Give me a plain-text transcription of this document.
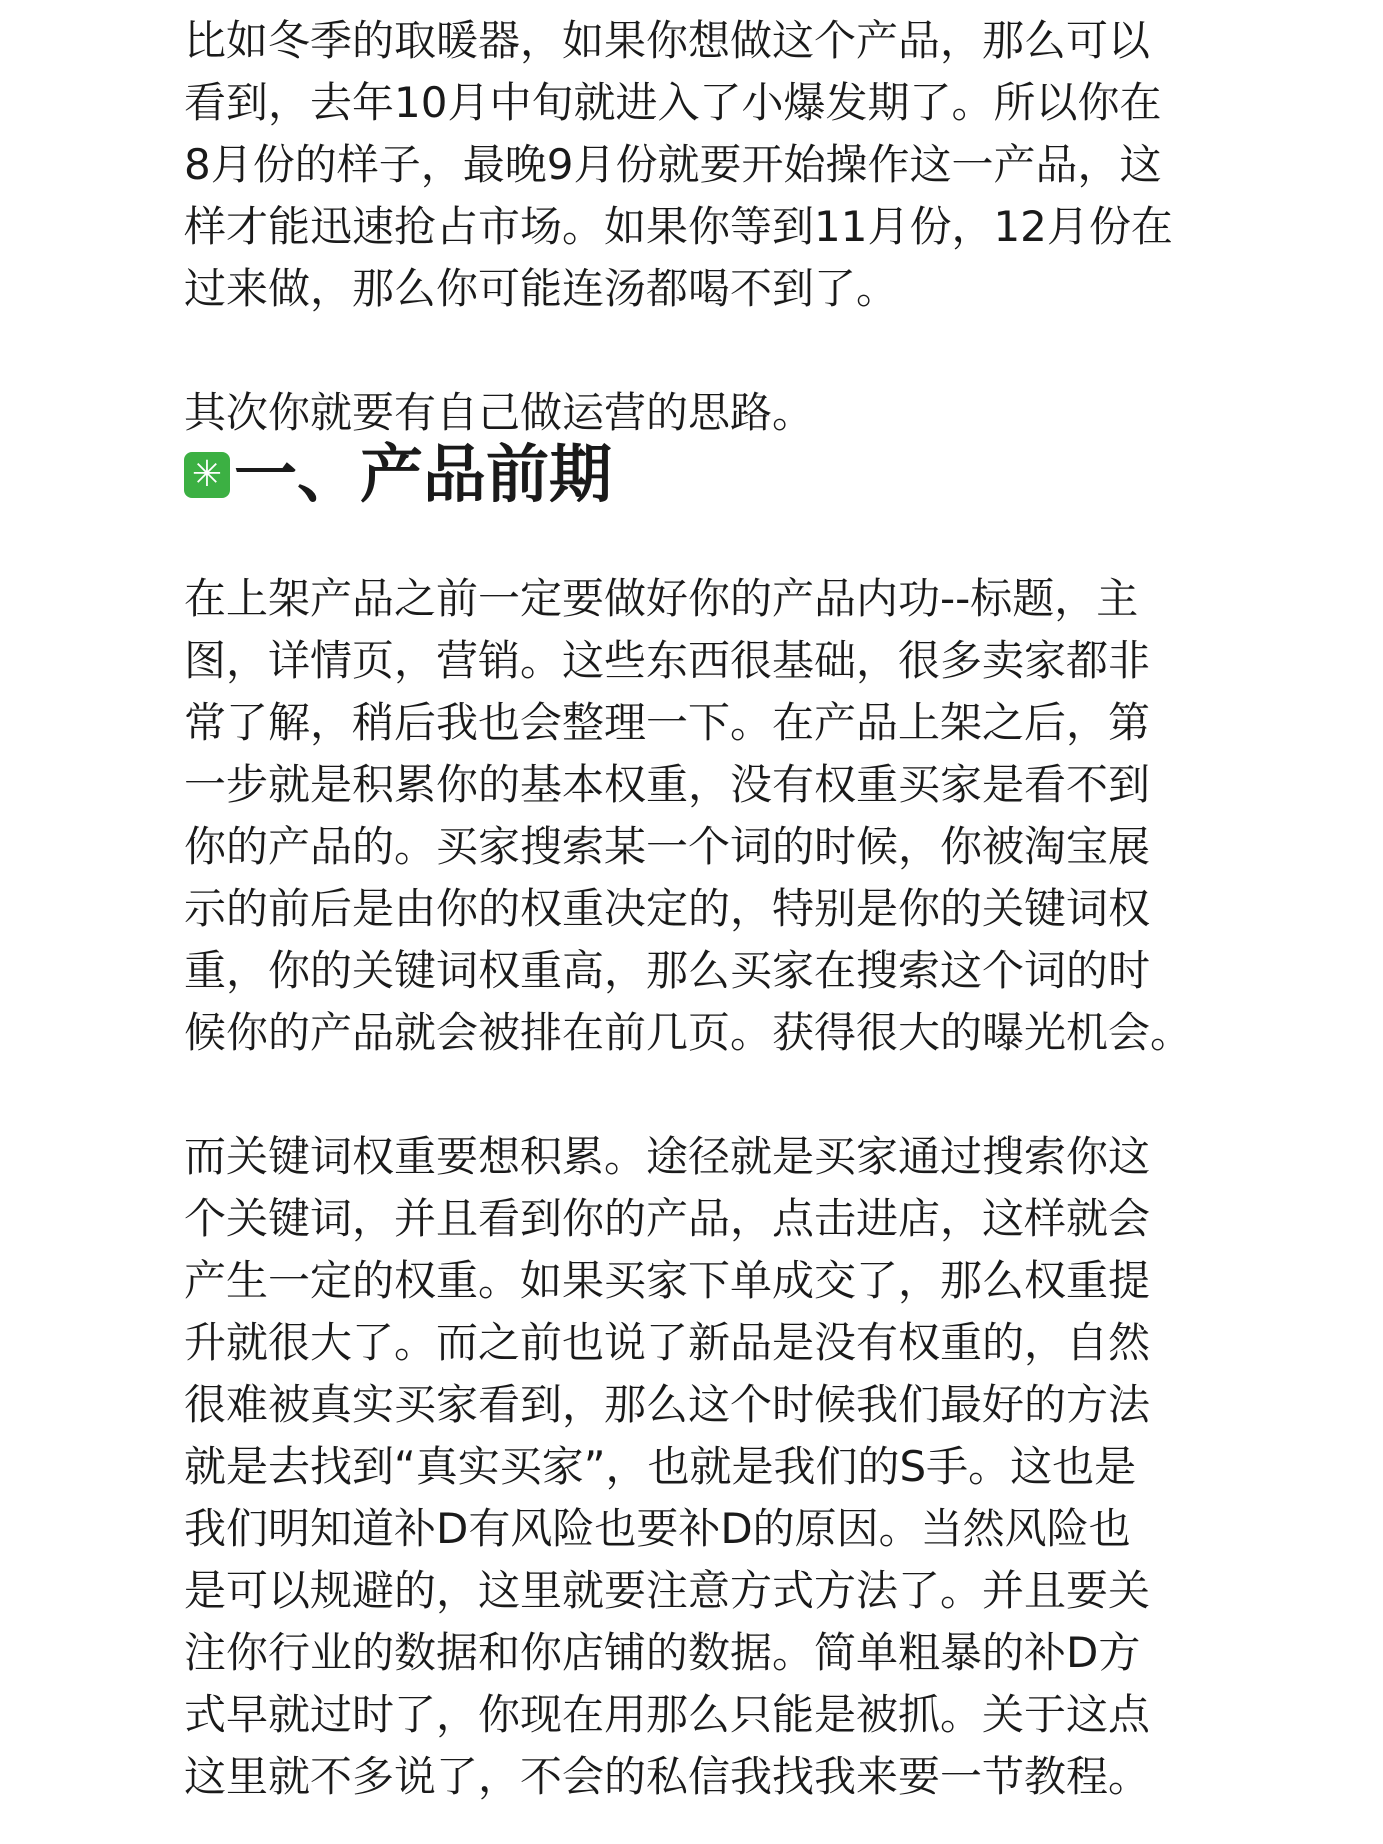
比如冬季的取暖器，如果你想做这个产品，那么可以
看到，去年10月中旬就进入了小爆发期了。所以你在
8月份的样子，最晚9月份就要开始操作这一产品，这
样才能迅速抢占市场。如果你等到11月份，12月份在
过来做，那么你可能连汤都喝不到了。

其次你就要有自己做运营的思路。

✳ 一、产品前期

在上架产品之前一定要做好你的产品内功--标题，主
图，详情页，营销。这些东西很基础，很多卖家都非
常了解，稍后我也会整理一下。在产品上架之后，第
一步就是积累你的基本权重，没有权重买家是看不到
你的产品的。买家搜索某一个词的时候，你被淘宝展
示的前后是由你的权重决定的，特别是你的关键词权
重，你的关键词权重高，那么买家在搜索这个词的时
候你的产品就会被排在前几页。获得很大的曝光机会。

而关键词权重要想积累。途径就是买家通过搜索你这
个关键词，并且看到你的产品，点击进店，这样就会
产生一定的权重。如果买家下单成交了，那么权重提
升就很大了。而之前也说了新品是没有权重的，自然
很难被真实买家看到，那么这个时候我们最好的方法
就是去找到“真实买家”，也就是我们的S手。这也是
我们明知道补D有风险也要补D的原因。当然风险也
是可以规避的，这里就要注意方式方法了。并且要关
注你行业的数据和你店铺的数据。简单粗暴的补D方
式早就过时了，你现在用那么只能是被抓。关于这点
这里就不多说了，不会的私信我找我来要一节教程。
